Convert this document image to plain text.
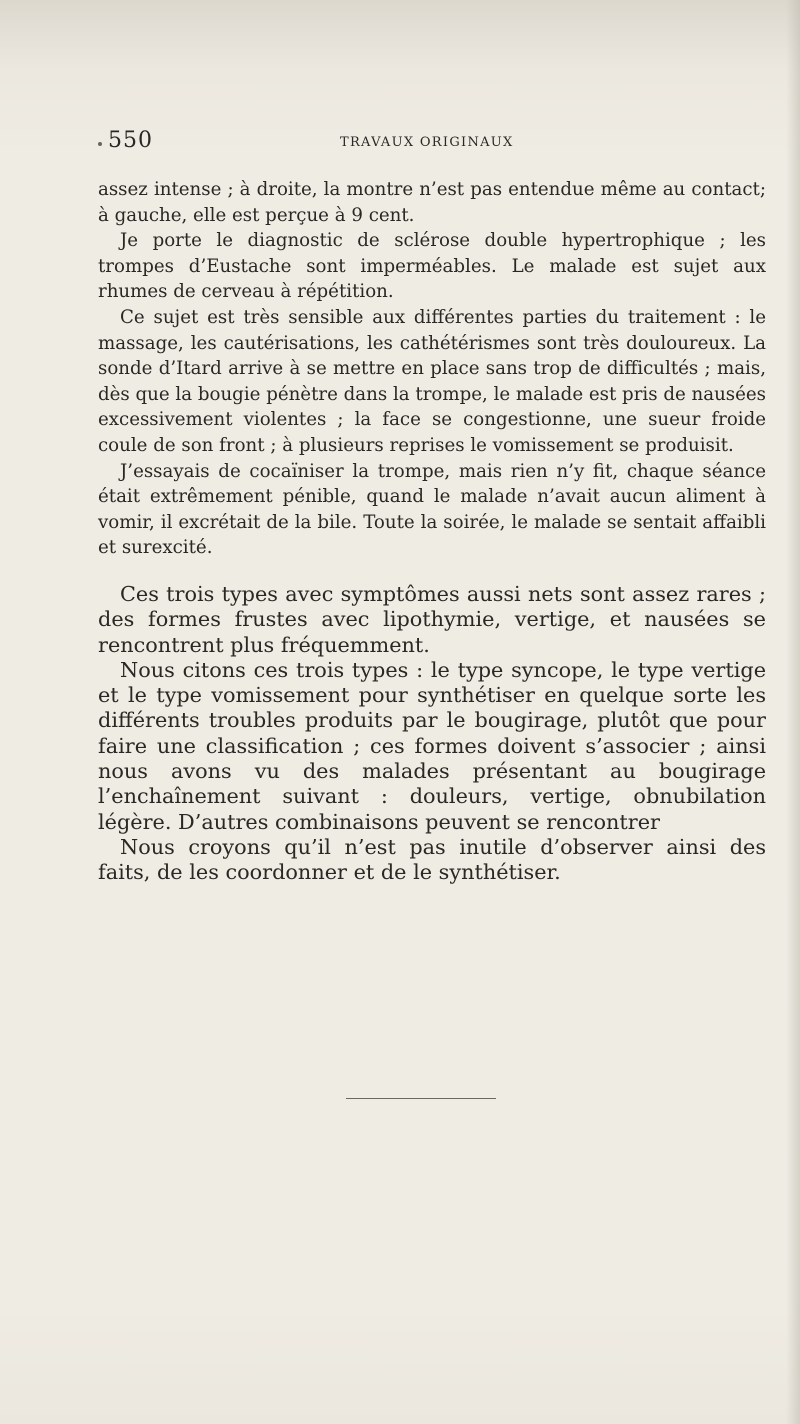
550	TRAVAUX ORIGINAUX

assez intense ; à droite, la montre n’est pas entendue même au contact; à gauche, elle est perçue à 9 cent.

Je porte le diagnostic de sclérose double hypertrophique ; les trompes d’Eustache sont imperméables. Le malade est sujet aux rhumes de cerveau à répétition.

Ce sujet est très sensible aux différentes parties du traitement : le massage, les cautérisations, les cathétérismes sont très douloureux. La sonde d’Itard arrive à se mettre en place sans trop de difficultés ; mais, dès que la bougie pénètre dans la trompe, le malade est pris de nausées excessivement violentes ; la face se congestionne, une sueur froide coule de son front ; à plusieurs reprises le vomissement se produisit.

J’essayais de cocaïniser la trompe, mais rien n’y fit, chaque séance était extrêmement pénible, quand le malade n’avait aucun aliment à vomir, il excrétait de la bile. Toute la soirée, le malade se sentait affaibli et surexcité.

Ces trois types avec symptômes aussi nets sont assez rares ; des formes frustes avec lipothymie, vertige, et nausées se rencontrent plus fréquemment.

Nous citons ces trois types : le type syncope, le type vertige et le type vomissement pour synthétiser en quelque sorte les différents troubles produits par le bougirage, plutôt que pour faire une classification ; ces formes doivent s’associer ; ainsi nous avons vu des malades présentant au bougirage l’enchaînement suivant : douleurs, vertige, obnubilation légère. D’autres combinaisons peuvent se rencontrer

Nous croyons qu’il n’est pas inutile d’observer ainsi des faits, de les coordonner et de le synthétiser.
